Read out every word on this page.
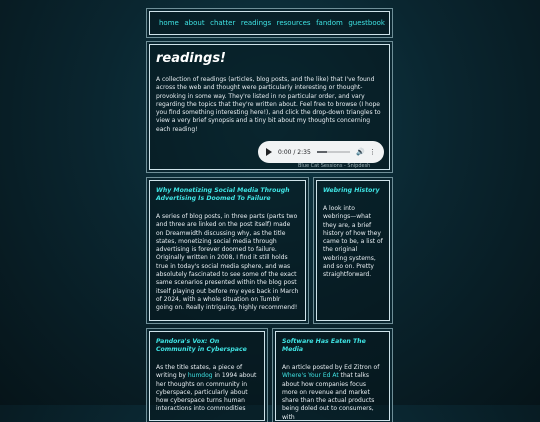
home about chatter readings resources fandom guestbook
readings!

A collection of readings (articles, blog posts, and the like) that I've found across the web and thought were particularly interesting or thought-provoking in some way. They're listed in no particular order, and vary regarding the topics that they're written about. Feel free to browse (I hope you find something interesting here!), and click the drop-down triangles to view a very brief synopsis and a tiny bit about my thoughts concerning each reading!

0:00 / 2:35	🔊 ⋮
Blue Cat Sessions - Snipdesh
Why Monetizing Social Media Through Advertising Is Doomed To Failure

A series of blog posts, in three parts (parts two and three are linked on the post itself) made on Dreamwidth discussing why, as the title states, monetizing social media through advertising is forever doomed to failure. Originally written in 2008, I find it still holds true in today's social media sphere, and was absolutely fascinated to see some of the exact same scenarios presented within the blog post itself playing out before my eyes back in March of 2024, with a whole situation on Tumblr going on. Really intriguing, highly recommend!

Webring History

A look into webrings—what they are, a brief history of how they came to be, a list of the original webring systems, and so on. Pretty straightforward.

Pandora's Vox: On Community in Cyberspace

As the title states, a piece of writing by humdog in 1994 about her thoughts on community in cyberspace, particularly about how cyberspace turns human interactions into commodities

Software Has Eaten The Media

An article posted by Ed Zitron of Where's Your Ed At that talks about how companies focus more on revenue and market share than the actual products being doled out to consumers, with
